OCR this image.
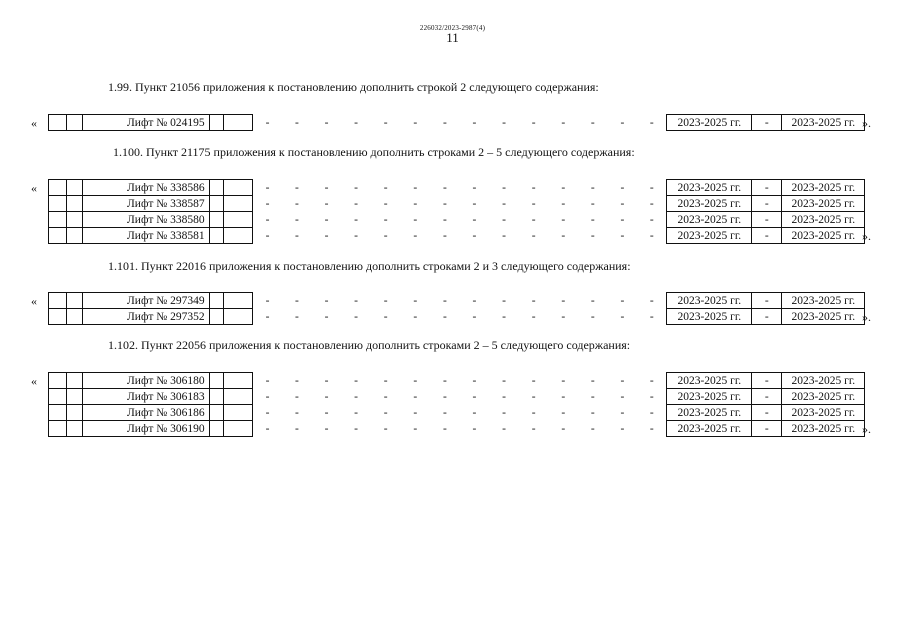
226032/2023-2987(4)
11
1.99. Пункт 21056 приложения к постановлению дополнить строкой 2 следующего содержания:
«
			Лифт № 024195			-	-	-	-	-	-	-	-	-	-	-	-	-	-	2023-2025 гг.	-	2023-2025 гг. ».
1.100. Пункт 21175 приложения к постановлению дополнить строками 2 – 5 следующего содержания:
«
			Лифт № 338586			-	-	-	-	-	-	-	-	-	-	-	-	-	-	2023-2025 гг.	-	2023-2025 гг.
		Лифт № 338587			-	-	-	-	-	-	-	-	-	-	-	-	-	-	2023-2025 гг.	-	2023-2025 гг.
		Лифт № 338580			-	-	-	-	-	-	-	-	-	-	-	-	-	-	2023-2025 гг.	-	2023-2025 гг.
		Лифт № 338581			-	-	-	-	-	-	-	-	-	-	-	-	-	-	2023-2025 гг.	-	2023-2025 гг. ».
1.101. Пункт 22016 приложения к постановлению дополнить строками 2 и 3 следующего содержания:
«
			Лифт № 297349			-	-	-	-	-	-	-	-	-	-	-	-	-	-	2023-2025 гг.	-	2023-2025 гг.
		Лифт № 297352			-	-	-	-	-	-	-	-	-	-	-	-	-	-	2023-2025 гг.	-	2023-2025 гг. ».
1.102. Пункт 22056 приложения к постановлению дополнить строками 2 – 5 следующего содержания:
«
			Лифт № 306180			-	-	-	-	-	-	-	-	-	-	-	-	-	-	2023-2025 гг.	-	2023-2025 гг.
		Лифт № 306183			-	-	-	-	-	-	-	-	-	-	-	-	-	-	2023-2025 гг.	-	2023-2025 гг.
		Лифт № 306186			-	-	-	-	-	-	-	-	-	-	-	-	-	-	2023-2025 гг.	-	2023-2025 гг.
		Лифт № 306190			-	-	-	-	-	-	-	-	-	-	-	-	-	-	2023-2025 гг.	-	2023-2025 гг. ».
